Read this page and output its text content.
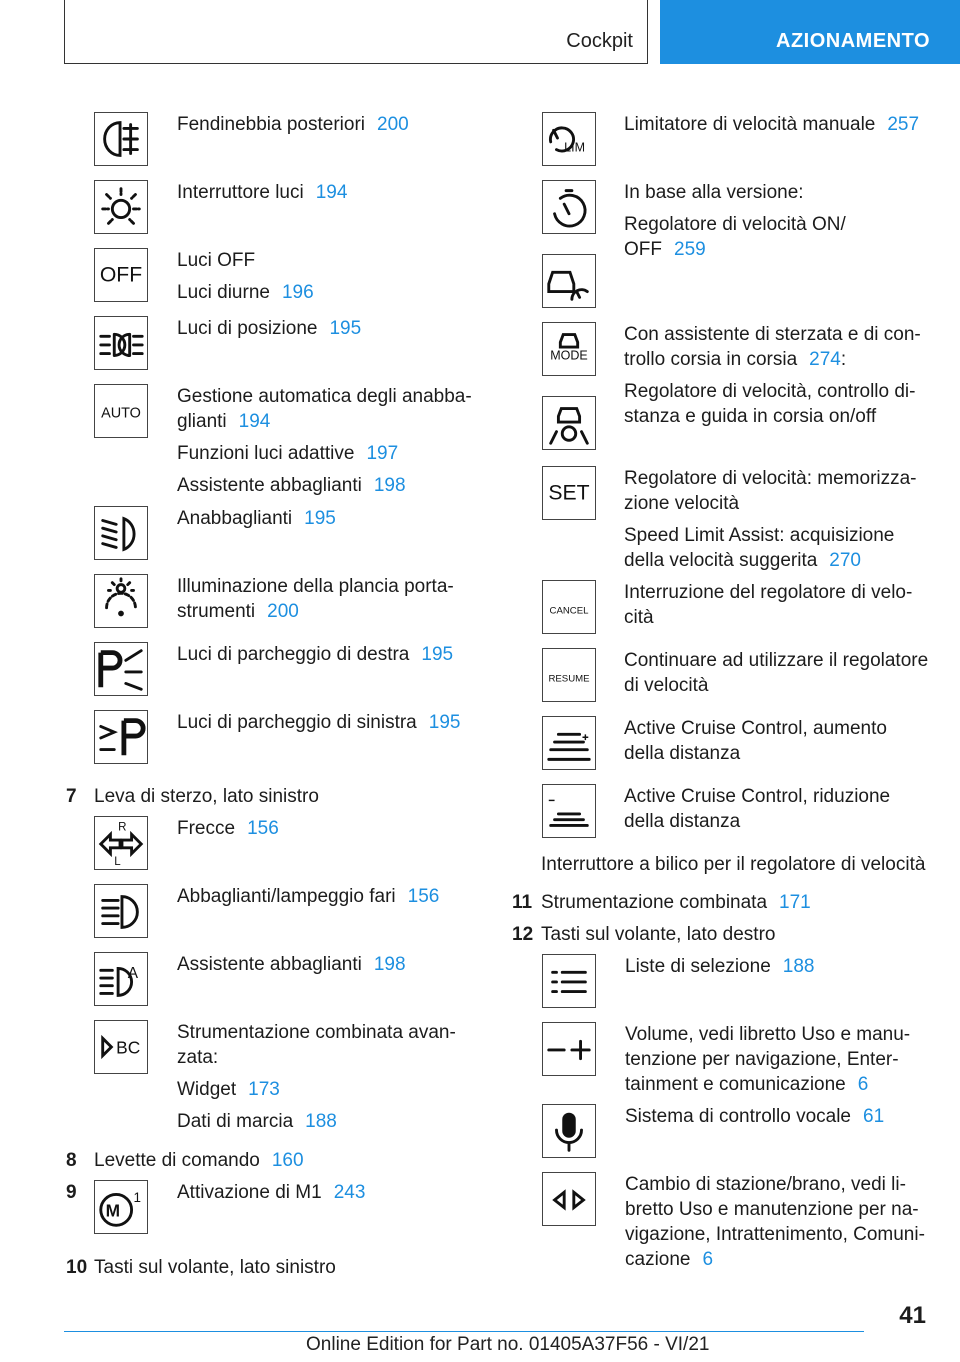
Cockpit	AZIONAMENTO
Fendinebbia posteriori 200
Interruttore luci 194
OFF
Luci OFF
Luci diurne 196
Luci di posizione 195
AUTO
Gestione automatica degli anabba-
glianti 194
Funzioni luci adattive 197
Assistente abbaglianti 198
Anabbaglianti 195
Illuminazione della plancia porta-
strumenti 200
Luci di parcheggio di destra 195
Luci di parcheggio di sinistra 195
7 Leva di sterzo, lato sinistro
R
L
Frecce 156
Abbaglianti/lampeggio fari 156
A Assistente abbaglianti 198
BC
Strumentazione combinata avan-
zata:
Widget 173
Dati di marcia 188
8 Levette di comando 160
9
M
1 Attivazione di M1 243
10 Tasti sul volante, lato sinistro
LIM
Limitatore di velocità manuale 257
In base alla versione:
Regolatore di velocità ON/
OFF 259
MODE
Con assistente di sterzata e di con-
trollo corsia in corsia 274:
Regolatore di velocità, controllo di-
stanza e guida in corsia on/off
SET
Regolatore di velocità: memorizza-
zione velocità
Speed Limit Assist: acquisizione
della velocità suggerita 270
CANCEL
Interruzione del regolatore di velo-
cità
RESUME
Continuare ad utilizzare il regolatore
di velocità
Active Cruise Control, aumento
della distanza
Active Cruise Control, riduzione
della distanza
Interruttore a bilico per il regolatore di velocità
11 Strumentazione combinata 171
12 Tasti sul volante, lato destro
Liste di selezione 188
Volume, vedi libretto Uso e manu-
tenzione per navigazione, Enter-
tainment e comunicazione 6
Sistema di controllo vocale 61
Cambio di stazione/brano, vedi li-
bretto Uso e manutenzione per na-
vigazione, Intrattenimento, Comuni-
cazione 6
41
Online Edition for Part no. 01405A37F56 - VI/21
